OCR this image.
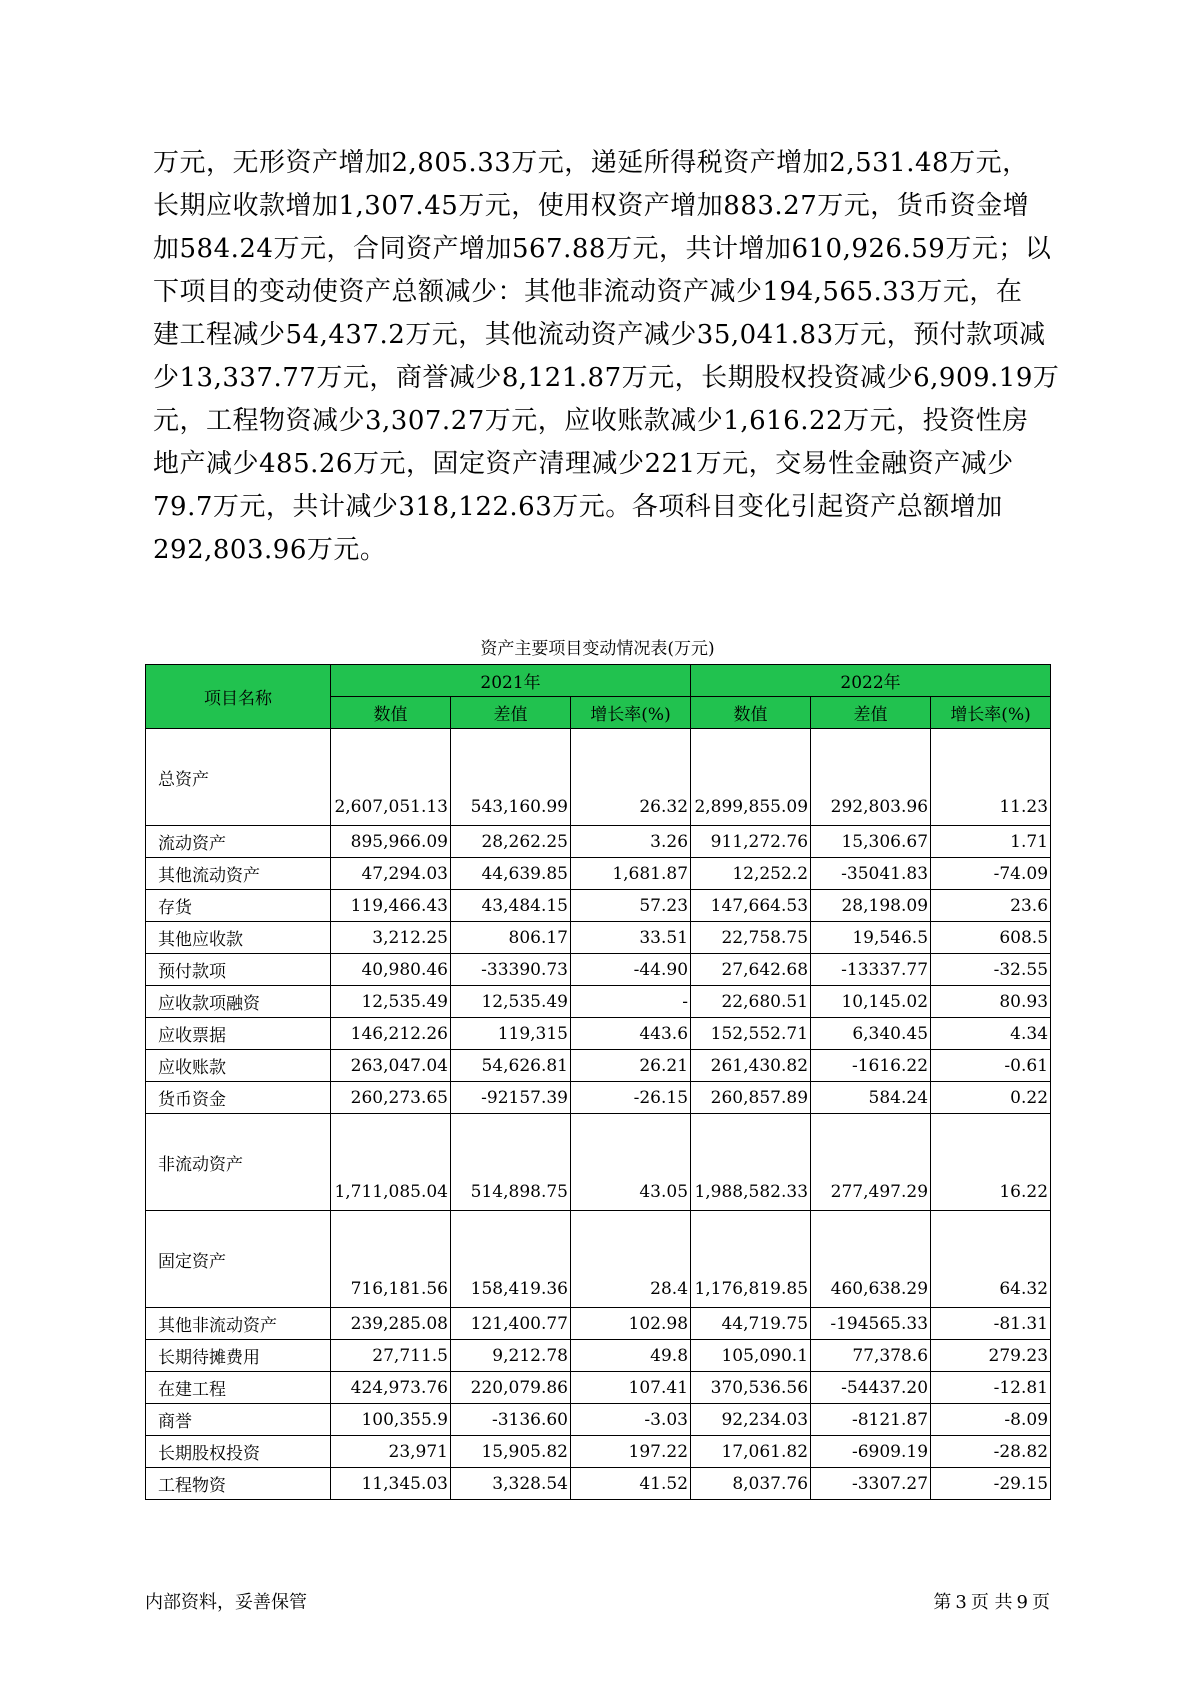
万元，无形资产增加2,805.33万元，递延所得税资产增加2,531.48万元，
长期应收款增加1,307.45万元，使用权资产增加883.27万元，货币资金增
加584.24万元，合同资产增加567.88万元，共计增加610,926.59万元；以
下项目的变动使资产总额减少：其他非流动资产减少194,565.33万元，在
建工程减少54,437.2万元，其他流动资产减少35,041.83万元，预付款项减
少13,337.77万元，商誉减少8,121.87万元，长期股权投资减少6,909.19万
元，工程物资减少3,307.27万元，应收账款减少1,616.22万元，投资性房
地产减少485.26万元，固定资产清理减少221万元，交易性金融资产减少
79.7万元，共计减少318,122.63万元。各项科目变化引起资产总额增加
292,803.96万元。
资产主要项目变动情况表(万元)
项目名称	2021年			2022年		
	数值	差值	增长率(%)	数值	差值	增长率(%)
总资产	2,607,051.13	543,160.99	26.32	2,899,855.09	292,803.96	11.23
流动资产	895,966.09	28,262.25	3.26	911,272.76	15,306.67	1.71
其他流动资产	47,294.03	44,639.85	1,681.87	12,252.2	-35041.83	-74.09
存货	119,466.43	43,484.15	57.23	147,664.53	28,198.09	23.6
其他应收款	3,212.25	806.17	33.51	22,758.75	19,546.5	608.5
预付款项	40,980.46	-33390.73	-44.90	27,642.68	-13337.77	-32.55
应收款项融资	12,535.49	12,535.49	-	22,680.51	10,145.02	80.93
应收票据	146,212.26	119,315	443.6	152,552.71	6,340.45	4.34
应收账款	263,047.04	54,626.81	26.21	261,430.82	-1616.22	-0.61
货币资金	260,273.65	-92157.39	-26.15	260,857.89	584.24	0.22
非流动资产	1,711,085.04	514,898.75	43.05	1,988,582.33	277,497.29	16.22
固定资产	716,181.56	158,419.36	28.4	1,176,819.85	460,638.29	64.32
其他非流动资产	239,285.08	121,400.77	102.98	44,719.75	-194565.33	-81.31
长期待摊费用	27,711.5	9,212.78	49.8	105,090.1	77,378.6	279.23
在建工程	424,973.76	220,079.86	107.41	370,536.56	-54437.20	-12.81
商誉	100,355.9	-3136.60	-3.03	92,234.03	-8121.87	-8.09
长期股权投资	23,971	15,905.82	197.22	17,061.82	-6909.19	-28.82
工程物资	11,345.03	3,328.54	41.52	8,037.76	-3307.27	-29.15
内部资料，妥善保管	第 3 页 共 9 页
